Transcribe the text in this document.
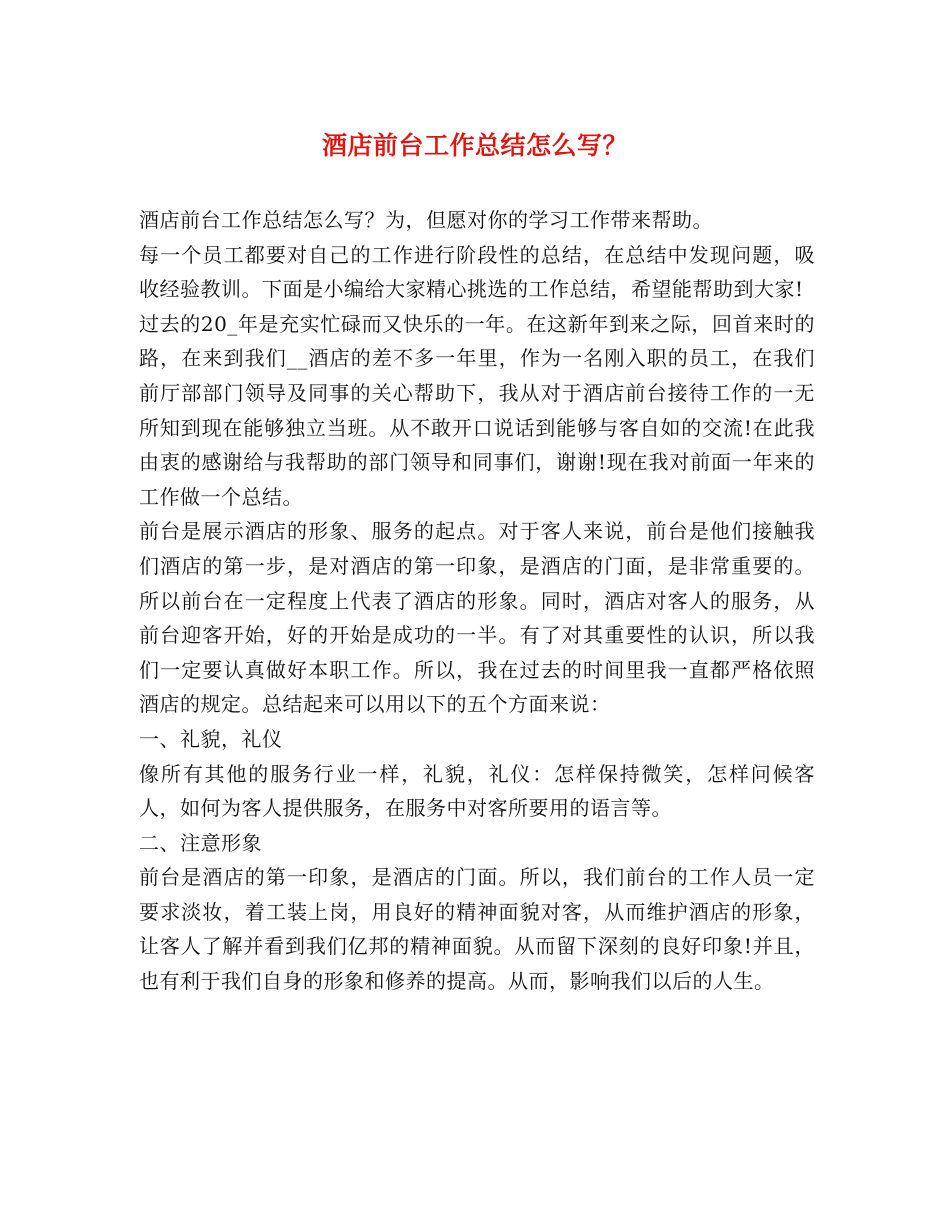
酒店前台工作总结怎么写？

酒店前台工作总结怎么写？为，但愿对你的学习工作带来帮助。

每一个员工都要对自己的工作进行阶段性的总结，在总结中发现问题，吸收经验教训。下面是小编给大家精心挑选的工作总结，希望能帮助到大家!

过去的20_年是充实忙碌而又快乐的一年。在这新年到来之际，回首来时的路，在来到我们__酒店的差不多一年里，作为一名刚入职的员工，在我们前厅部部门领导及同事的关心帮助下，我从对于酒店前台接待工作的一无所知到现在能够独立当班。从不敢开口说话到能够与客自如的交流!在此我由衷的感谢给与我帮助的部门领导和同事们，谢谢!现在我对前面一年来的工作做一个总结。

前台是展示酒店的形象、服务的起点。对于客人来说，前台是他们接触我们酒店的第一步，是对酒店的第一印象，是酒店的门面，是非常重要的。所以前台在一定程度上代表了酒店的形象。同时，酒店对客人的服务，从前台迎客开始，好的开始是成功的一半。有了对其重要性的认识，所以我们一定要认真做好本职工作。所以，我在过去的时间里我一直都严格依照酒店的规定。总结起来可以用以下的五个方面来说：

一、礼貌，礼仪

像所有其他的服务行业一样，礼貌，礼仪：怎样保持微笑，怎样问候客人，如何为客人提供服务，在服务中对客所要用的语言等。

二、注意形象

前台是酒店的第一印象，是酒店的门面。所以，我们前台的工作人员一定要求淡妆，着工装上岗，用良好的精神面貌对客，从而维护酒店的形象，让客人了解并看到我们亿邦的精神面貌。从而留下深刻的良好印象!并且，也有利于我们自身的形象和修养的提高。从而，影响我们以后的人生。
